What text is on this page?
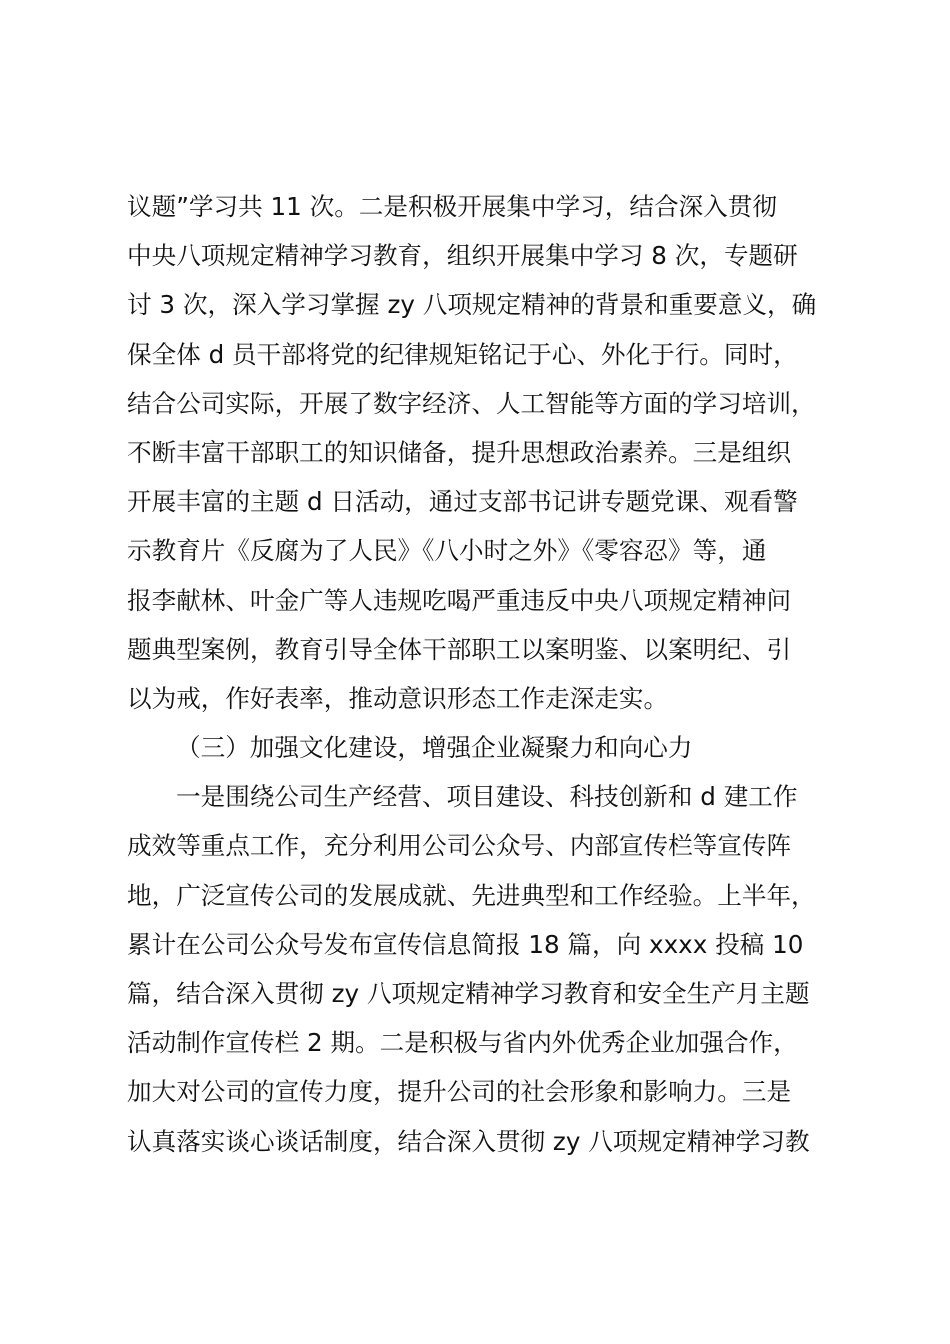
议题”学习共 11 次。二是积极开展集中学习，结合深入贯彻
中央八项规定精神学习教育，组织开展集中学习 8 次，专题研
讨 3 次，深入学习掌握 zy 八项规定精神的背景和重要意义，确
保全体 d 员干部将党的纪律规矩铭记于心、外化于行。同时，
结合公司实际，开展了数字经济、人工智能等方面的学习培训，
不断丰富干部职工的知识储备，提升思想政治素养。三是组织
开展丰富的主题 d 日活动，通过支部书记讲专题党课、观看警
示教育片《反腐为了人民》《八小时之外》《零容忍》等，通
报李献林、叶金广等人违规吃喝严重违反中央八项规定精神问
题典型案例，教育引导全体干部职工以案明鉴、以案明纪、引
以为戒，作好表率，推动意识形态工作走深走实。
（三）加强文化建设，增强企业凝聚力和向心力
一是围绕公司生产经营、项目建设、科技创新和 d 建工作
成效等重点工作，充分利用公司公众号、内部宣传栏等宣传阵
地，广泛宣传公司的发展成就、先进典型和工作经验。上半年，
累计在公司公众号发布宣传信息简报 18 篇，向 xxxx 投稿 10
篇，结合深入贯彻 zy 八项规定精神学习教育和安全生产月主题
活动制作宣传栏 2 期。二是积极与省内外优秀企业加强合作，
加大对公司的宣传力度，提升公司的社会形象和影响力。三是
认真落实谈心谈话制度，结合深入贯彻 zy 八项规定精神学习教
